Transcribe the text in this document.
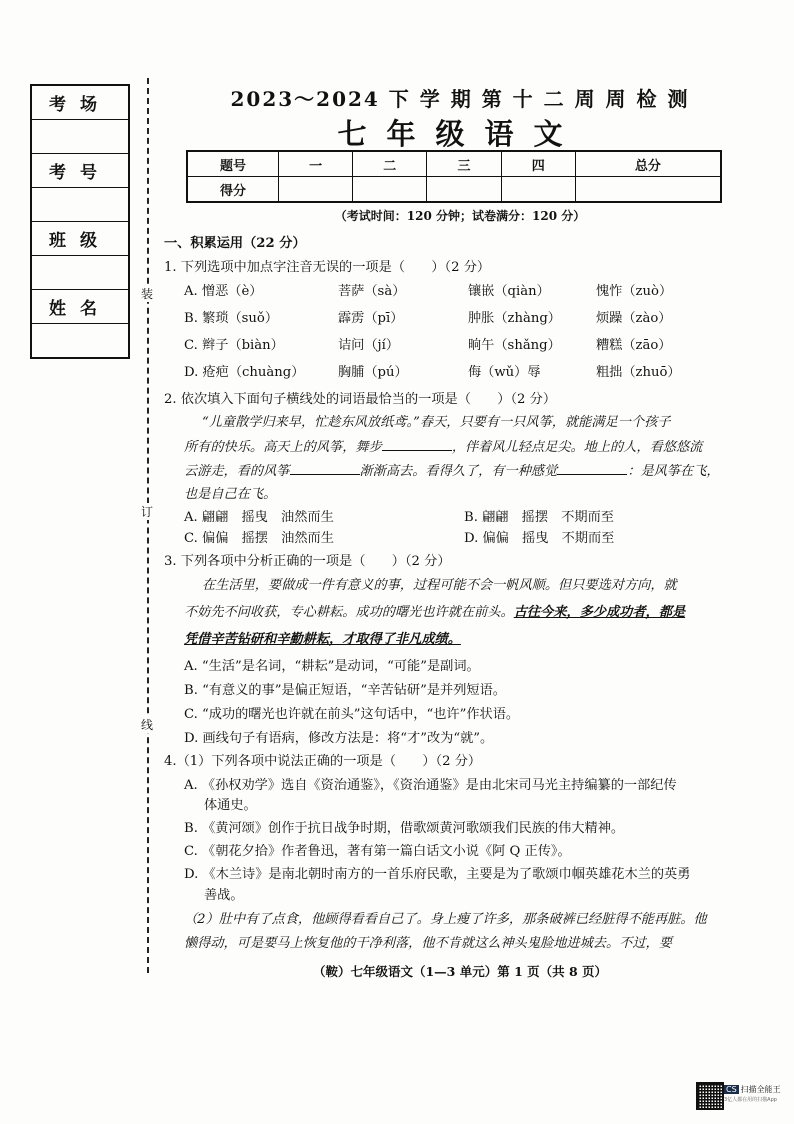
考场

考号

班级

姓名

装
订
线
2023～2024 下 学 期 第 十 二 周 周 检 测
七年级语文
题号	一	二	三	四	总分
得分					
（考试时间：120 分钟；试卷满分：120 分）
一、积累运用（22 分）
1. 下列选项中加点字注音无误的一项是（　　）（2 分）
A. 憎恶（è）	菩萨（sà）	镶嵌（qiàn）	愧怍（zuò）
B. 繁琐（suǒ）	霹雳（pī）	肿胀（zhàng）	烦躁（zào）
C. 辫子（biàn）	诘问（jí）	晌午（shǎng）	糟糕（zāo）
D. 疮疤（chuàng）	胸脯（pú）	侮（wǔ）辱	粗拙（zhuō）
2. 依次填入下面句子横线处的词语最恰当的一项是（　　）（2 分）
“儿童散学归来早，忙趁东风放纸鸢。”春天，只要有一只风筝，就能满足一个孩子
所有的快乐。高天上的风筝，舞步	，伴着风儿轻点足尖。地上的人，看悠悠流
云游走，看的风筝	渐渐高去。看得久了，有一种感觉	：是风筝在飞，
也是自己在飞。
A. 翩翩　摇曳　油然而生	B. 翩翩　摇摆　不期而至
C. 偏偏　摇摆　油然而生	D. 偏偏　摇曳　不期而至
3. 下列各项中分析正确的一项是（　　）（2 分）
在生活里，要做成一件有意义的事，过程可能不会一帆风顺。但只要选对方向，就
不妨先不问收获，专心耕耘。成功的曙光也许就在前头。古往今来，多少成功者，都是
凭借辛苦钻研和辛勤耕耘，才取得了非凡成绩。
A. “生活”是名词，“耕耘”是动词，“可能”是副词。
B. “有意义的事”是偏正短语，“辛苦钻研”是并列短语。
C. “成功的曙光也许就在前头”这句话中，“也许”作状语。
D. 画线句子有语病，修改方法是：将“才”改为“就”。
4.（1）下列各项中说法正确的一项是（　　）（2 分）
A. 《孙权劝学》选自《资治通鉴》，《资治通鉴》是由北宋司马光主持编纂的一部纪传
体通史。
B. 《黄河颂》创作于抗日战争时期，借歌颂黄河歌颂我们民族的伟大精神。
C. 《朝花夕拾》作者鲁迅，著有第一篇白话文小说《阿 Q 正传》。
D. 《木兰诗》是南北朝时南方的一首乐府民歌，主要是为了歌颂巾帼英雄花木兰的英勇
善战。
（2）肚中有了点食，他顾得看看自己了。身上瘦了许多，那条破裤已经脏得不能再脏。他
懒得动，可是要马上恢复他的干净利落，他不肯就这么神头鬼脸地进城去。不过，要
（鞍）七年级语文（1—3 单元）第 1 页（共 8 页）
CS 扫描全能王
3亿人都在用的扫描App
